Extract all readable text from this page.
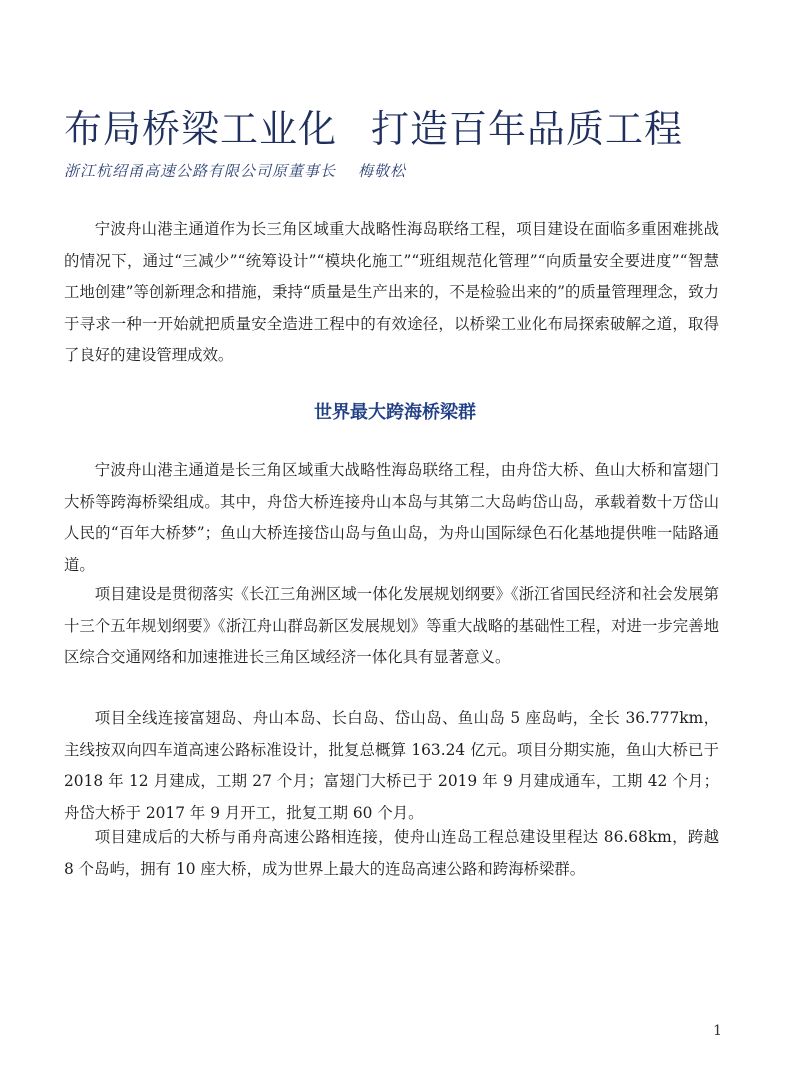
布局桥梁工业化 打造百年品质工程
浙江杭绍甬高速公路有限公司原董事长 梅敬松

宁波舟山港主通道作为长三角区域重大战略性海岛联络工程，项目建设在面临多重困难挑战的情况下，通过“三减少”“统筹设计”“模块化施工”“班组规范化管理”“向质量安全要进度”“智慧工地创建”等创新理念和措施，秉持“质量是生产出来的，不是检验出来的”的质量管理理念，致力于寻求一种一开始就把质量安全造进工程中的有效途径，以桥梁工业化布局探索破解之道，取得了良好的建设管理成效。

世界最大跨海桥梁群

宁波舟山港主通道是长三角区域重大战略性海岛联络工程，由舟岱大桥、鱼山大桥和富翅门大桥等跨海桥梁组成。其中，舟岱大桥连接舟山本岛与其第二大岛屿岱山岛，承载着数十万岱山人民的“百年大桥梦”；鱼山大桥连接岱山岛与鱼山岛，为舟山国际绿色石化基地提供唯一陆路通道。

项目建设是贯彻落实《长江三角洲区域一体化发展规划纲要》《浙江省国民经济和社会发展第十三个五年规划纲要》《浙江舟山群岛新区发展规划》等重大战略的基础性工程，对进一步完善地区综合交通网络和加速推进长三角区域经济一体化具有显著意义。

项目全线连接富翅岛、舟山本岛、长白岛、岱山岛、鱼山岛 5 座岛屿，全长 36.777km，主线按双向四车道高速公路标准设计，批复总概算 163.24 亿元。项目分期实施，鱼山大桥已于 2018 年 12 月建成，工期 27 个月；富翅门大桥已于 2019 年 9 月建成通车，工期 42 个月；舟岱大桥于 2017 年 9 月开工，批复工期 60 个月。

项目建成后的大桥与甬舟高速公路相连接，使舟山连岛工程总建设里程达 86.68km，跨越 8 个岛屿，拥有 10 座大桥，成为世界上最大的连岛高速公路和跨海桥梁群。

1
